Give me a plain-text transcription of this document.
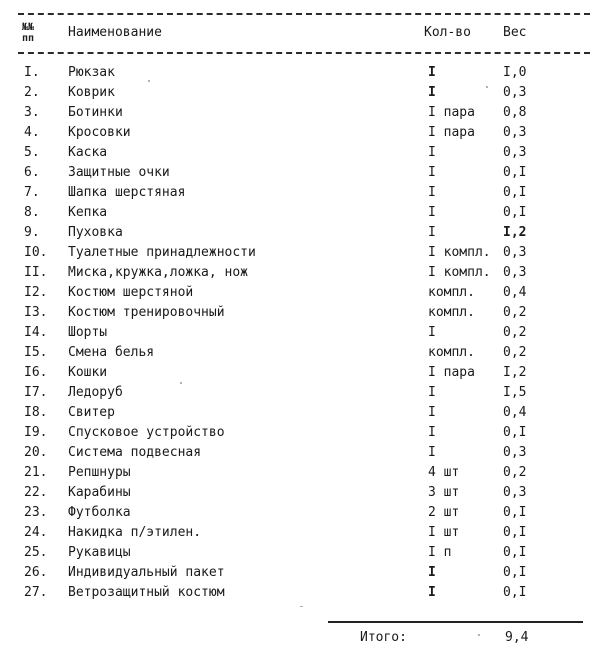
№№
пп	Наименование	Кол-во Вес
I.	Рюкзак	I	I,0
2.	Коврик	I	0,3
3.	Ботинки	I пара 0,8
4.	Кросовки	I пара 0,3
5.	Каска	I	0,3
6.	Защитные очки	I	0,I
7.	Шапка шерстяная	I	0,I
8.	Кепка	I	0,I
9.	Пуховка	I	I,2
I0.	Туалетные принадлежности	I компл. 0,3
II.	Миска,кружка,ложка, нож	I компл. 0,3
I2.	Костюм шерстяной	компл. 0,4
I3.	Костюм тренировочный	компл. 0,2
I4.	Шорты	I	0,2
I5.	Смена белья	компл. 0,2
I6.	Кошки	I пара I,2
I7.	Ледоруб	I	I,5
I8.	Свитер	I	0,4
I9.	Спусковое устройство	I	0,I
20.	Система подвесная	I	0,3
21.	Репшнуры	4 шт	0,2
22.	Карабины	3 шт	0,3
23.	Футболка	2 шт	0,I
24.	Накидка п/этилен.	I шт	0,I
25.	Рукавицы	I п	0,I
26.	Индивидуальный пакет	I	0,I
27.	Ветрозащитный костюм	I	0,I
Итого:	9,4
